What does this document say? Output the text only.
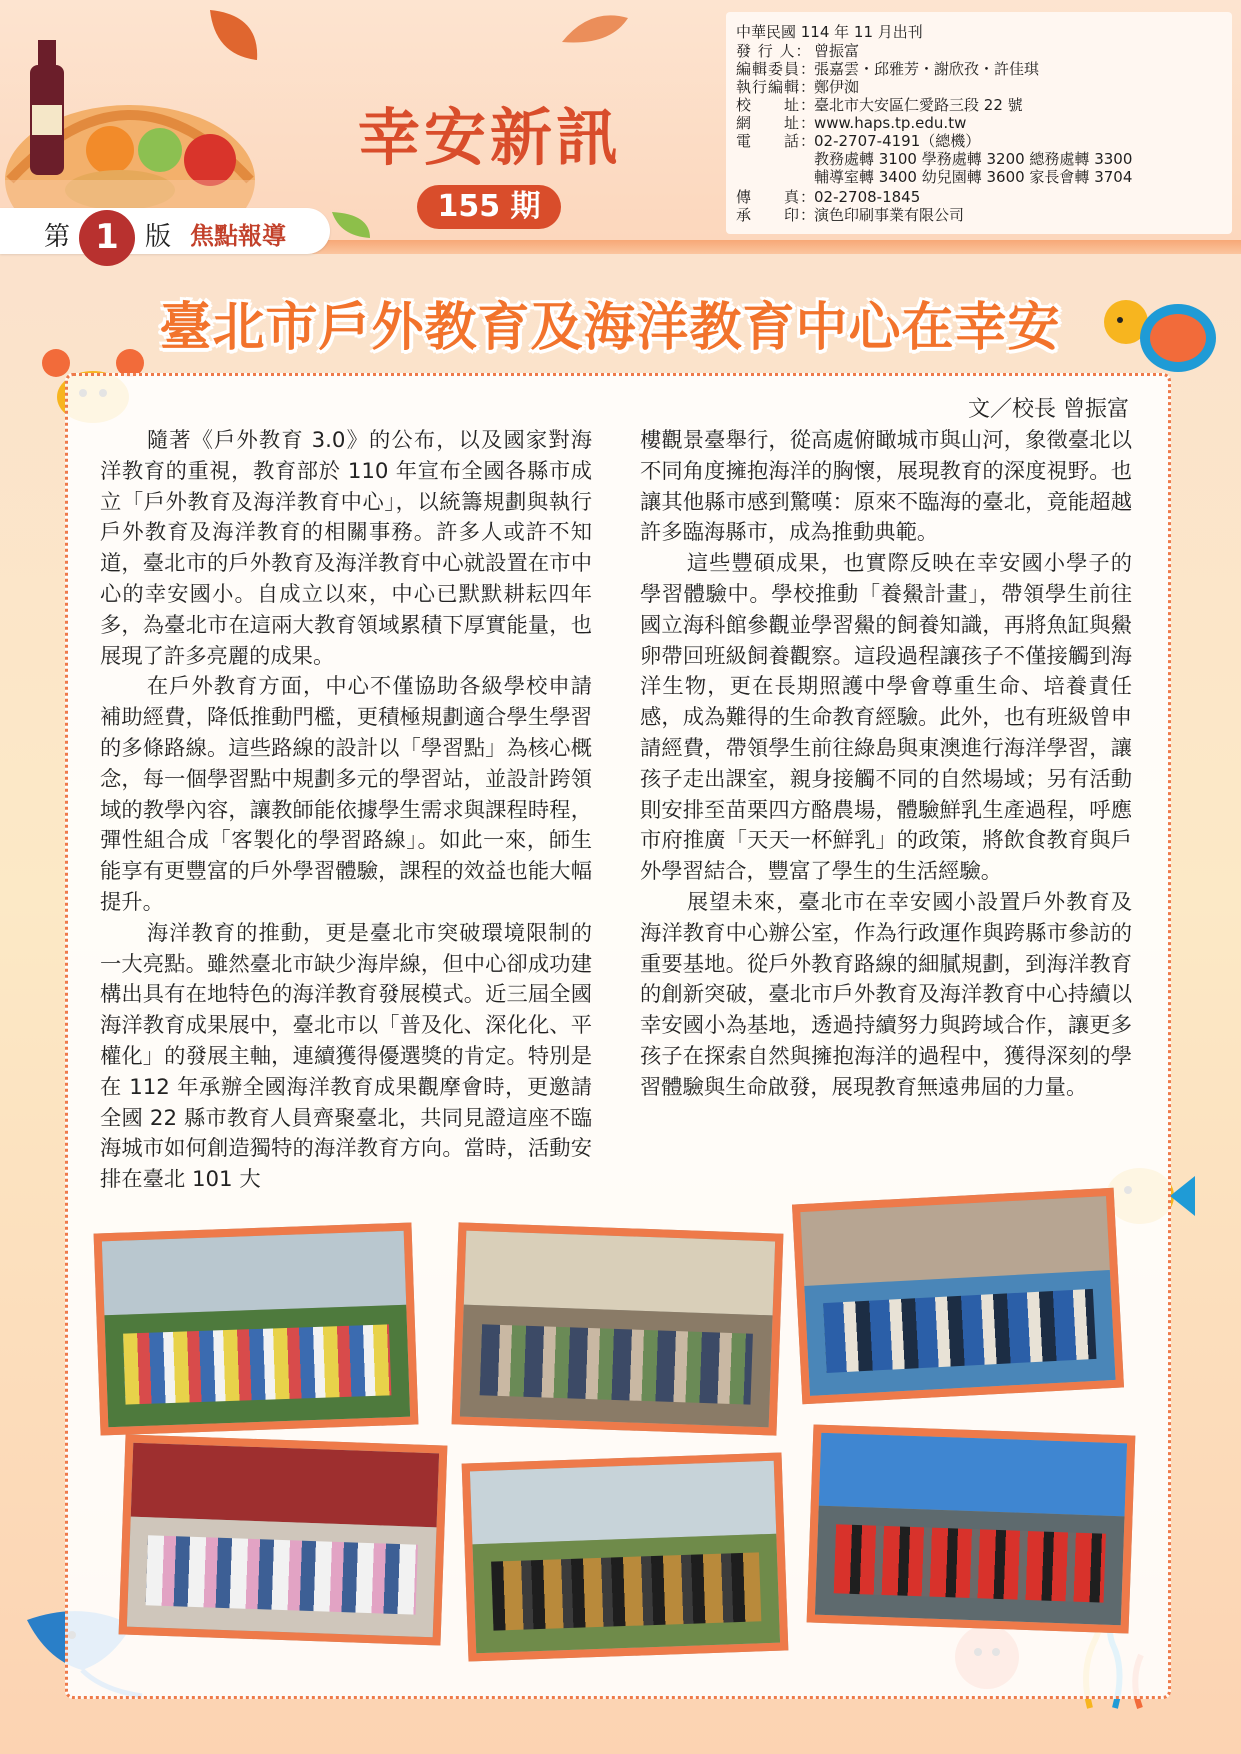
幸安新訊
155 期
第 1	版 焦點報導
中華民國 114 年 11 月出刊
發 行 人： 曾振富
編輯委員：張嘉雲・邱雅芳・謝欣孜・許佳琪
執行編輯：鄭伊洳
校　　址：臺北市大安區仁愛路三段 22 號
網　　址：www.haps.tp.edu.tw
電　　話：02-2707-4191（總機）
教務處轉 3100 學務處轉 3200 總務處轉 3300
輔導室轉 3400 幼兒園轉 3600 家長會轉 3704
傳　　真：02-2708-1845
承　　印：演色印刷事業有限公司
臺北市戶外教育及海洋教育中心在幸安
文／校長 曾振富

隨著《戶外教育 3.0》的公布，以及國家對海洋教育的重視，教育部於 110 年宣布全國各縣市成立「戶外教育及海洋教育中心」，以統籌規劃與執行戶外教育及海洋教育的相關事務。許多人或許不知道，臺北市的戶外教育及海洋教育中心就設置在市中心的幸安國小。自成立以來，中心已默默耕耘四年多，為臺北市在這兩大教育領域累積下厚實能量，也展現了許多亮麗的成果。

在戶外教育方面，中心不僅協助各級學校申請補助經費，降低推動門檻，更積極規劃適合學生學習的多條路線。這些路線的設計以「學習點」為核心概念，每一個學習點中規劃多元的學習站，並設計跨領域的教學內容，讓教師能依據學生需求與課程時程，彈性組合成「客製化的學習路線」。如此一來，師生能享有更豐富的戶外學習體驗，課程的效益也能大幅提升。

海洋教育的推動，更是臺北市突破環境限制的一大亮點。雖然臺北市缺少海岸線，但中心卻成功建構出具有在地特色的海洋教育發展模式。近三屆全國海洋教育成果展中，臺北市以「普及化、深化化、平權化」的發展主軸，連續獲得優選獎的肯定。特別是在 112 年承辦全國海洋教育成果觀摩會時，更邀請全國 22 縣市教育人員齊聚臺北，共同見證這座不臨海城市如何創造獨特的海洋教育方向。當時，活動安排在臺北 101 大

樓觀景臺舉行，從高處俯瞰城市與山河，象徵臺北以不同角度擁抱海洋的胸懷，展現教育的深度視野。也讓其他縣市感到驚嘆：原來不臨海的臺北，竟能超越許多臨海縣市，成為推動典範。

這些豐碩成果，也實際反映在幸安國小學子的學習體驗中。學校推動「養鱟計畫」，帶領學生前往國立海科館參觀並學習鱟的飼養知識，再將魚缸與鱟卵帶回班級飼養觀察。這段過程讓孩子不僅接觸到海洋生物，更在長期照護中學會尊重生命、培養責任感，成為難得的生命教育經驗。此外，也有班級曾申請經費，帶領學生前往綠島與東澳進行海洋學習，讓孩子走出課室，親身接觸不同的自然場域；另有活動則安排至苗栗四方酪農場，體驗鮮乳生產過程，呼應市府推廣「天天一杯鮮乳」的政策，將飲食教育與戶外學習結合，豐富了學生的生活經驗。

展望未來，臺北市在幸安國小設置戶外教育及海洋教育中心辦公室，作為行政運作與跨縣市參訪的重要基地。從戶外教育路線的細膩規劃，到海洋教育的創新突破，臺北市戶外教育及海洋教育中心持續以幸安國小為基地，透過持續努力與跨域合作，讓更多孩子在探索自然與擁抱海洋的過程中，獲得深刻的學習體驗與生命啟發，展現教育無遠弗屆的力量。
